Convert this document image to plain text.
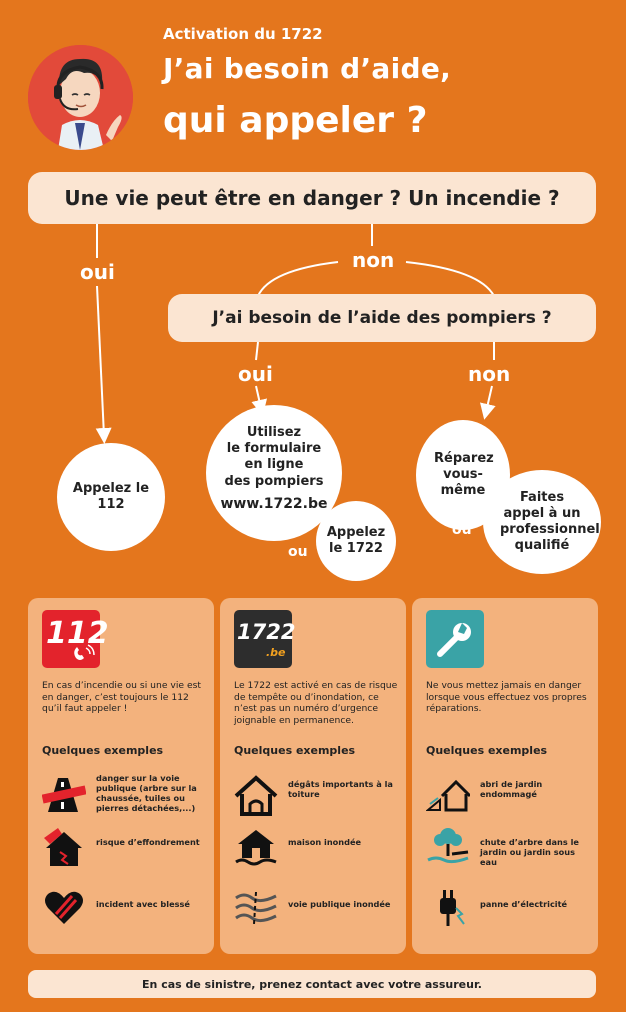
Activation du 1722
J’ai besoin d’aide,
qui appeler ?
Une vie peut être en danger ? Un incendie ?
J’ai besoin de l’aide des pompiers ?
oui	non
oui	non
Appelez le 112
Utilisez
le formulaire
en ligne
des pompiers
www.1722.be
Appelez le 1722
ou
Réparez vous-même	Faites appel à un professionnel qualifié
ou
112
En cas d’incendie ou si une vie est en danger, c’est toujours le 112 qu’il faut appeler !
Quelques exemples
danger sur la voie publique (arbre sur la chaussée, tuiles ou pierres détachées,...)
risque d’effondrement
incident avec blessé
1722
.be
Le 1722 est activé en cas de risque de tempête ou d’inondation, ce n’est pas un numéro d’urgence joignable en permanence.
Quelques exemples
dégâts importants à la toiture
maison inondée
voie publique inondée
Ne vous mettez jamais en danger lorsque vous effectuez vos propres réparations.
Quelques exemples
abri de jardin endommagé
chute d’arbre dans le jardin ou jardin sous eau
panne d’électricité
En cas de sinistre, prenez contact avec votre assureur.
